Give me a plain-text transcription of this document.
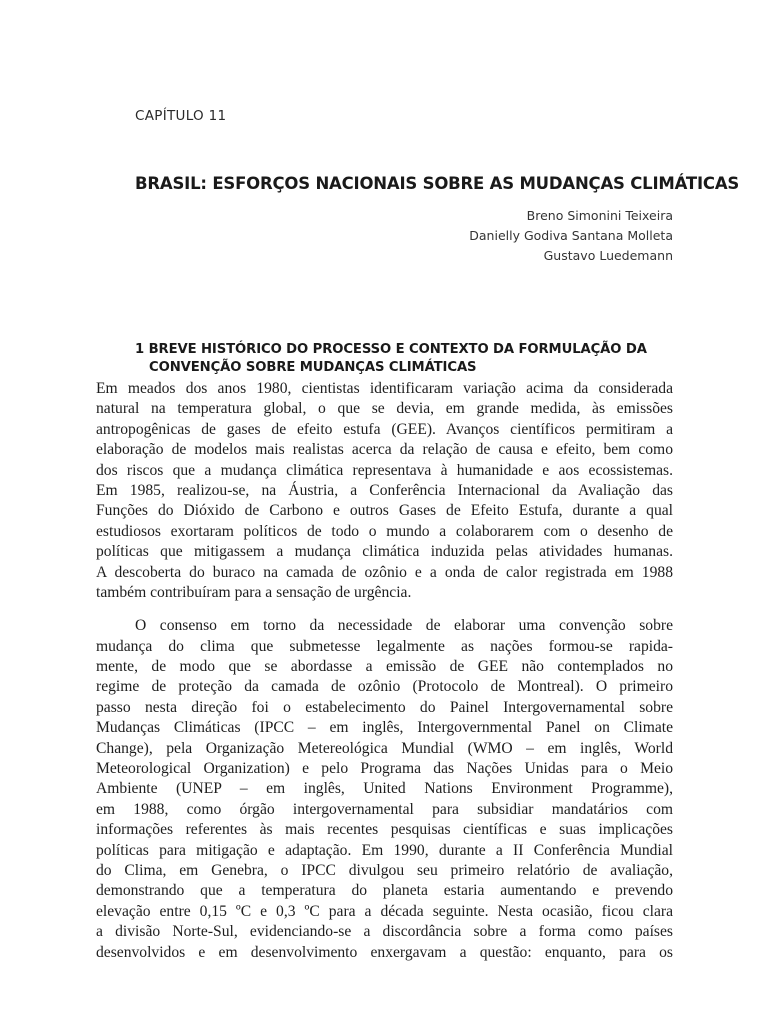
CAPÍTULO 11
BRASIL: ESFORÇOS NACIONAIS SOBRE AS MUDANÇAS CLIMÁTICAS
Breno Simonini Teixeira
Danielly Godiva Santana Molleta
Gustavo Luedemann
1 BREVE HISTÓRICO DO PROCESSO E CONTEXTO DA FORMULAÇÃO DA
CONVENÇÃO SOBRE MUDANÇAS CLIMÁTICAS
Em meados dos anos 1980, cientistas identificaram variação acima da considerada
natural na temperatura global, o que se devia, em grande medida, às emissões
antropogênicas de gases de efeito estufa (GEE). Avanços científicos permitiram a
elaboração de modelos mais realistas acerca da relação de causa e efeito, bem como
dos riscos que a mudança climática representava à humanidade e aos ecossistemas.
Em 1985, realizou-se, na Áustria, a Conferência Internacional da Avaliação das
Funções do Dióxido de Carbono e outros Gases de Efeito Estufa, durante a qual
estudiosos exortaram políticos de todo o mundo a colaborarem com o desenho de
políticas que mitigassem a mudança climática induzida pelas atividades humanas.
A descoberta do buraco na camada de ozônio e a onda de calor registrada em 1988
também contribuíram para a sensação de urgência.
O consenso em torno da necessidade de elaborar uma convenção sobre
mudança do clima que submetesse legalmente as nações formou-se rapida-
mente, de modo que se abordasse a emissão de GEE não contemplados no
regime de proteção da camada de ozônio (Protocolo de Montreal). O primeiro
passo nesta direção foi o estabelecimento do Painel Intergovernamental sobre
Mudanças Climáticas (IPCC – em inglês, Intergovernmental Panel on Climate
Change), pela Organização Metereológica Mundial (WMO – em inglês, World
Meteorological Organization) e pelo Programa das Nações Unidas para o Meio
Ambiente (UNEP – em inglês, United Nations Environment Programme),
em 1988, como órgão intergovernamental para subsidiar mandatários com
informações referentes às mais recentes pesquisas científicas e suas implicações
políticas para mitigação e adaptação. Em 1990, durante a II Conferência Mundial
do Clima, em Genebra, o IPCC divulgou seu primeiro relatório de avaliação,
demonstrando que a temperatura do planeta estaria aumentando e prevendo
elevação entre 0,15 ºC e 0,3 ºC para a década seguinte. Nesta ocasião, ficou clara
a divisão Norte-Sul, evidenciando-se a discordância sobre a forma como países
desenvolvidos e em desenvolvimento enxergavam a questão: enquanto, para os
